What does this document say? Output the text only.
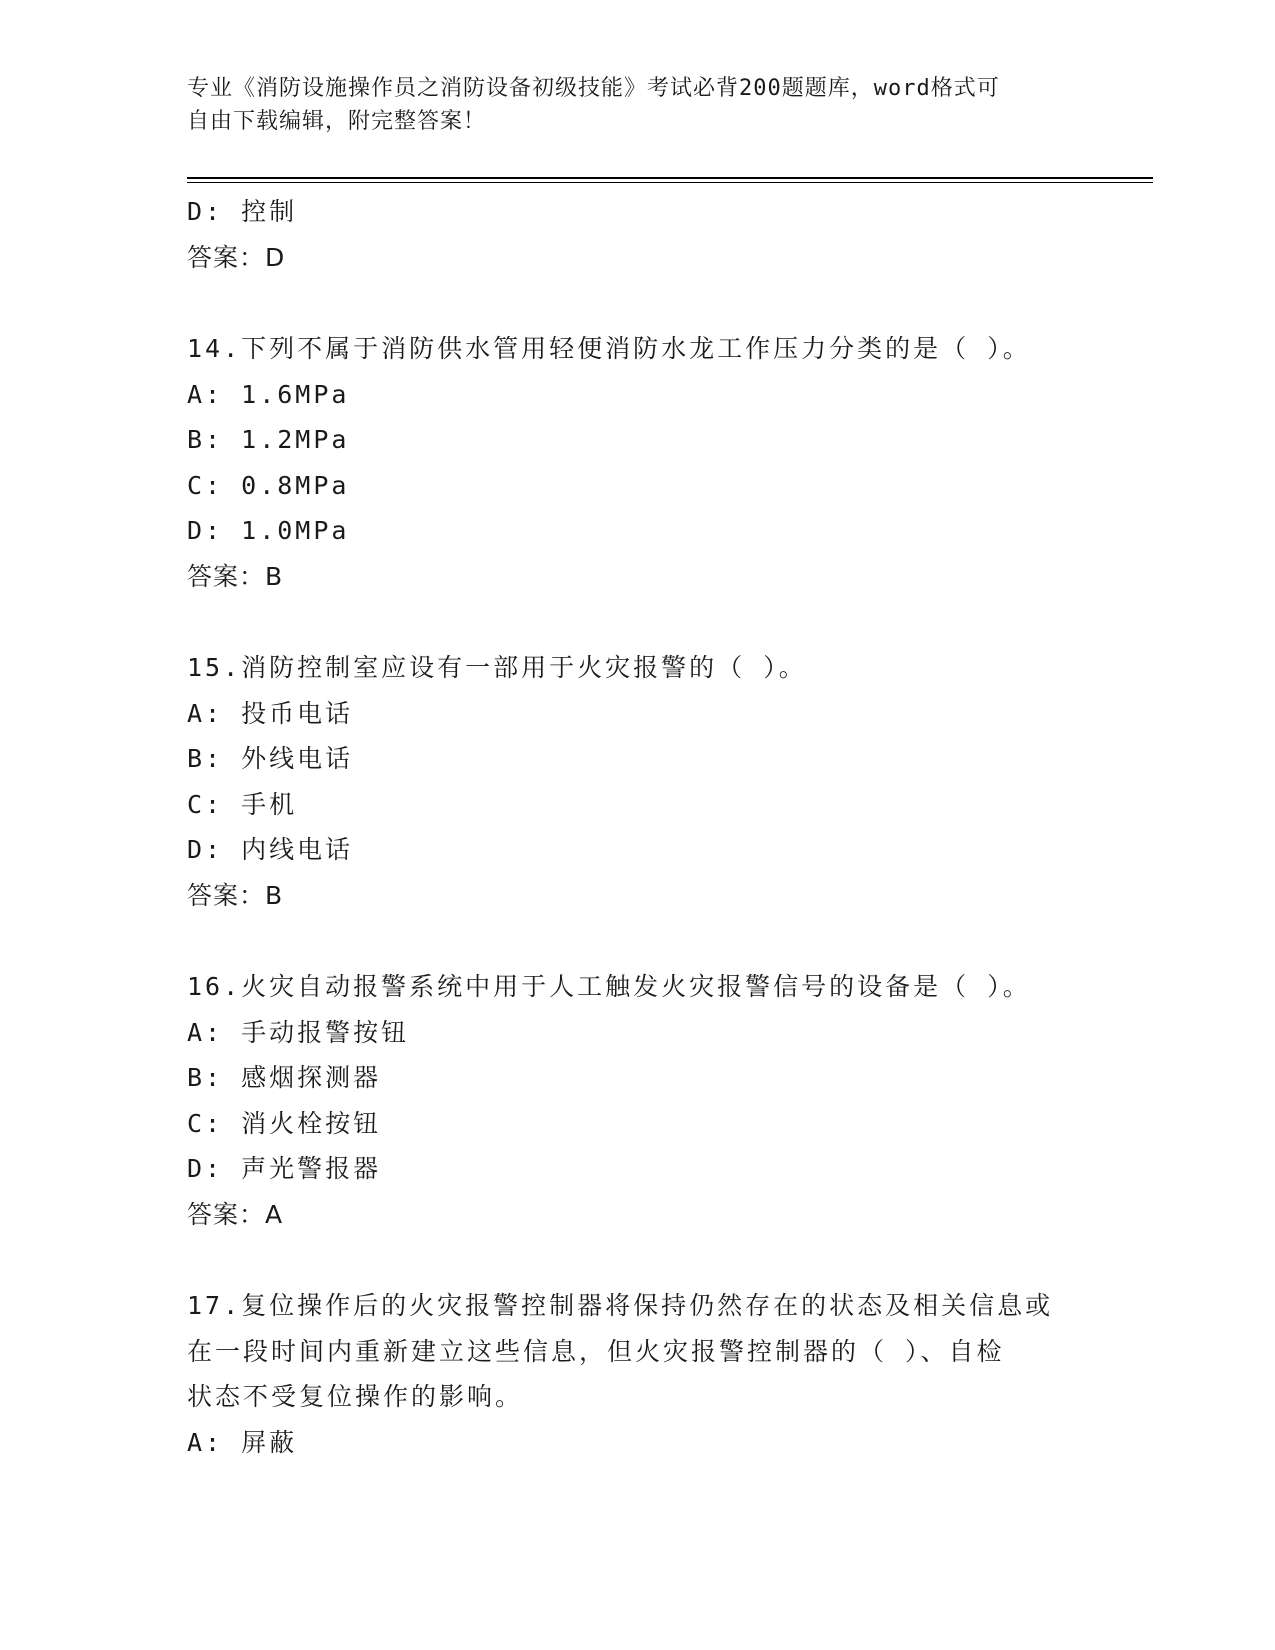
专业《消防设施操作员之消防设备初级技能》考试必背200题题库，word格式可
自由下载编辑，附完整答案！
D: 控制
答案：D
14.下列不属于消防供水管用轻便消防水龙工作压力分类的是（ ）。
A: 1.6MPa
B: 1.2MPa
C: 0.8MPa
D: 1.0MPa
答案：B
15.消防控制室应设有一部用于火灾报警的（ ）。
A: 投币电话
B: 外线电话
C: 手机
D: 内线电话
答案：B
16.火灾自动报警系统中用于人工触发火灾报警信号的设备是（ ）。
A: 手动报警按钮
B: 感烟探测器
C: 消火栓按钮
D: 声光警报器
答案：A
17.复位操作后的火灾报警控制器将保持仍然存在的状态及相关信息或
在一段时间内重新建立这些信息，但火灾报警控制器的（ ）、自检
状态不受复位操作的影响。
A: 屏蔽
